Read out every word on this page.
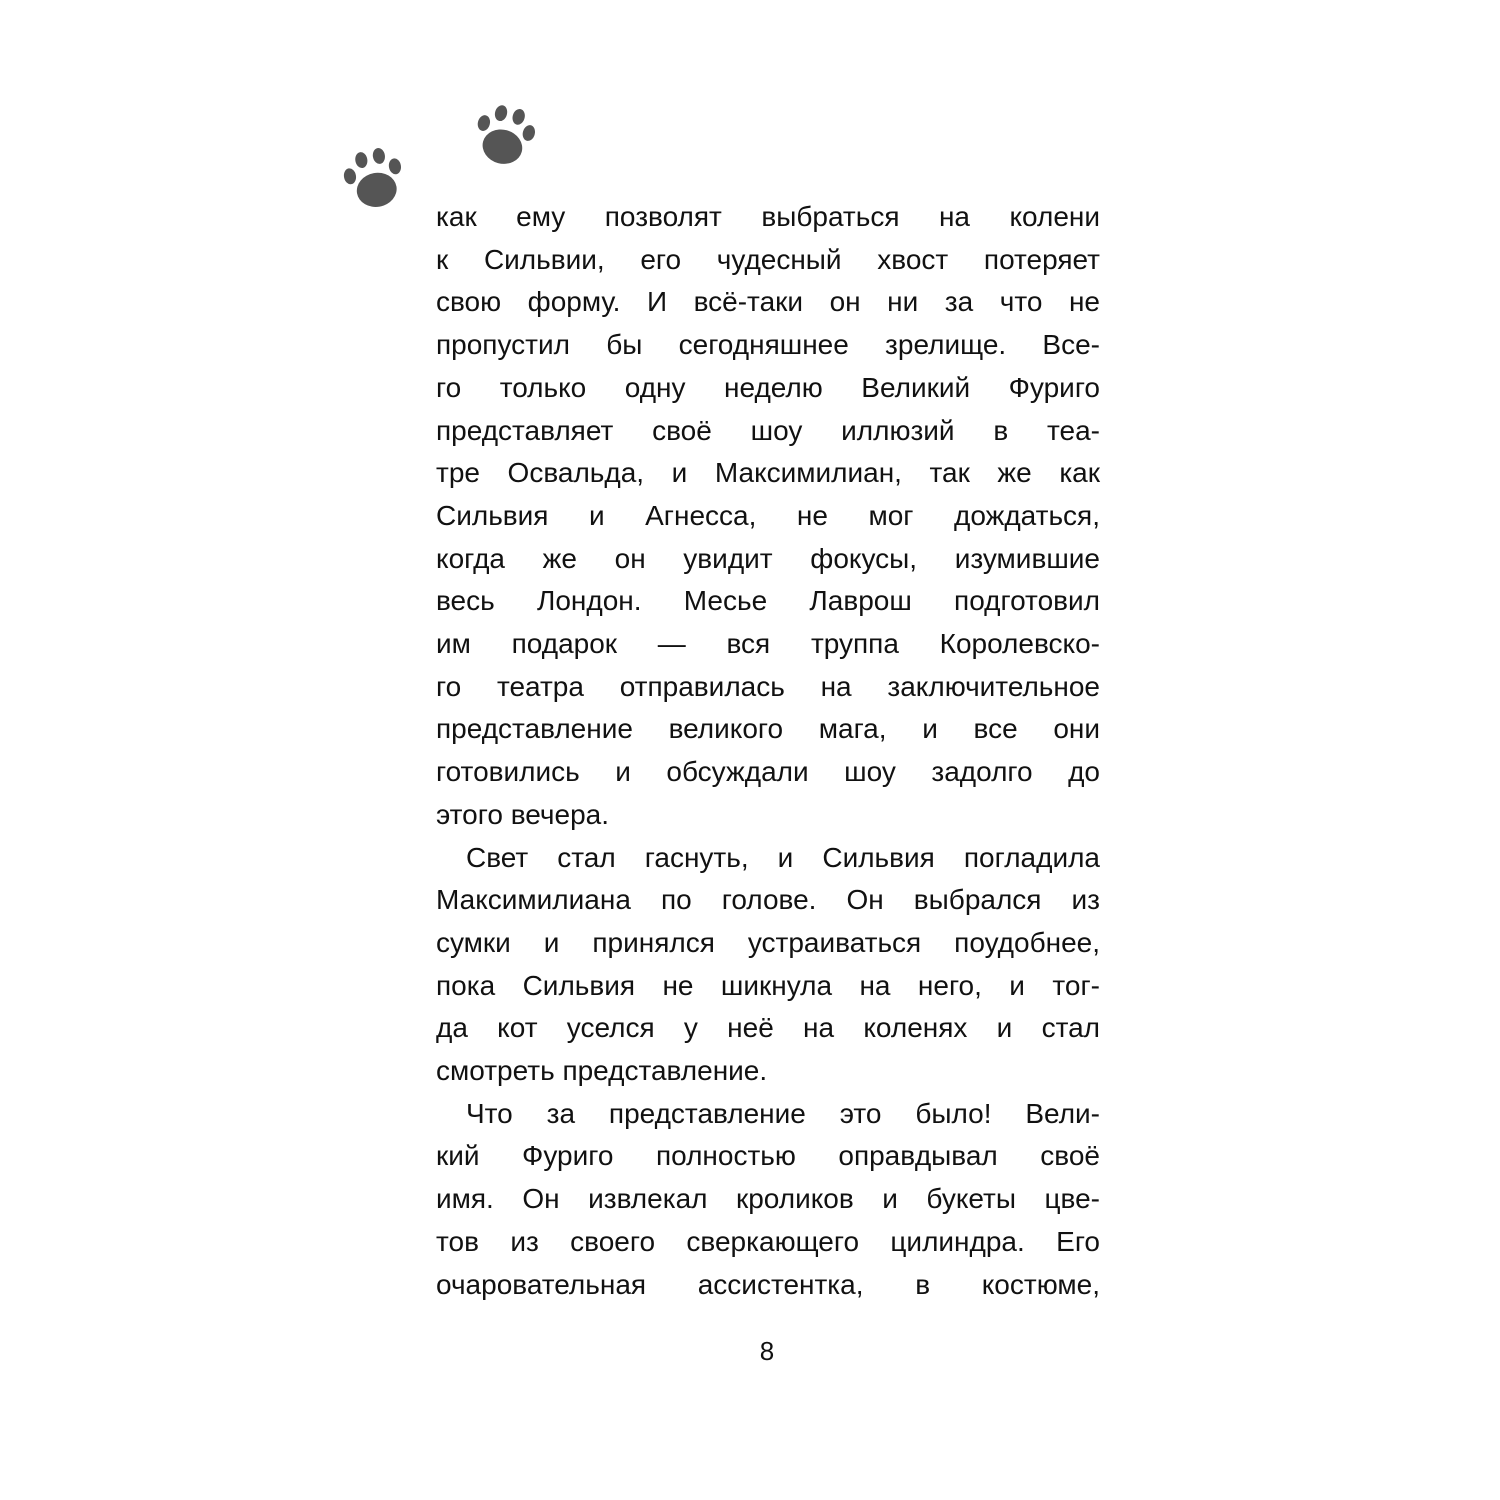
как ему позволят выбраться на колени
к Сильвии, его чудесный хвост потеряет
свою форму. И всё-таки он ни за что не
пропустил бы сегодняшнее зрелище. Все-
го только одну неделю Великий Фуриго
представляет своё шоу иллюзий в теа-
тре Освальда, и Максимилиан, так же как
Сильвия и Агнесса, не мог дождаться,
когда же он увидит фокусы, изумившие
весь Лондон. Месье Лаврош подготовил
им подарок — вся труппа Королевско-
го театра отправилась на заключительное
представление великого мага, и все они
готовились и обсуждали шоу задолго до
этого вечера.
Свет стал гаснуть, и Сильвия погладила
Максимилиана по голове. Он выбрался из
сумки и принялся устраиваться поудобнее,
пока Сильвия не шикнула на него, и тог-
да кот уселся у неё на коленях и стал
смотреть представление.
Что за представление это было! Вели-
кий Фуриго полностью оправдывал своё
имя. Он извлекал кроликов и букеты цве-
тов из своего сверкающего цилиндра. Его
очаровательная ассистентка, в костюме,
8
